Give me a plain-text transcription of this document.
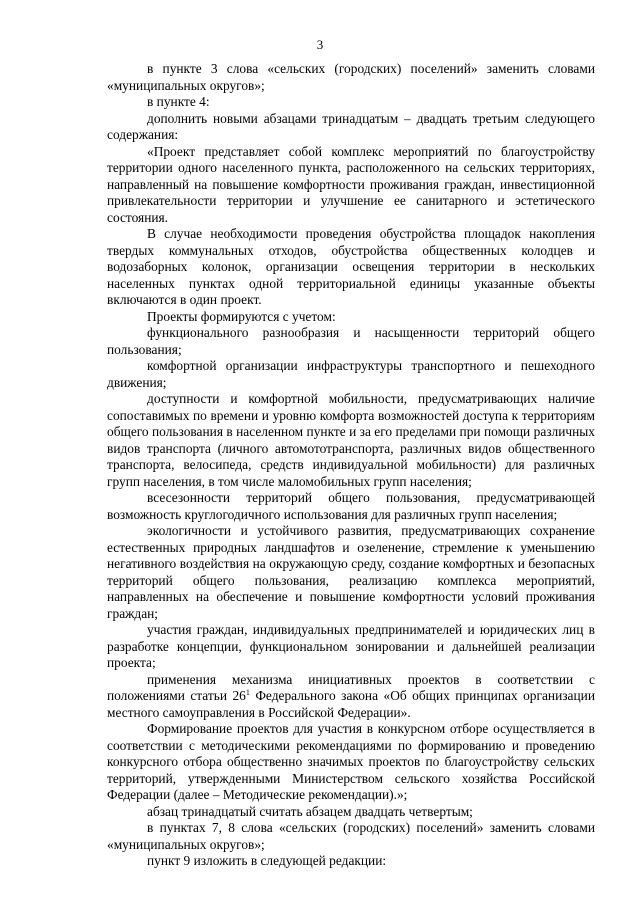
3

в пункте 3 слова «сельских (городских) поселений» заменить словами «муниципальных округов»;

в пункте 4:

дополнить новыми абзацами тринадцатым – двадцать третьим следующего содержания:

«Проект представляет собой комплекс мероприятий по благоустройству территории одного населенного пункта, расположенного на сельских территориях, направленный на повышение комфортности проживания граждан, инвестиционной привлекательности территории и улучшение ее санитарного и эстетического состояния.

В случае необходимости проведения обустройства площадок накопления твердых коммунальных отходов, обустройства общественных колодцев и водозаборных колонок, организации освещения территории в нескольких населенных пунктах одной территориальной единицы указанные объекты включаются в один проект.

Проекты формируются с учетом:

функционального разнообразия и насыщенности территорий общего пользования;

комфортной организации инфраструктуры транспортного и пешеходного движения;

доступности и комфортной мобильности, предусматривающих наличие сопоставимых по времени и уровню комфорта возможностей доступа к территориям общего пользования в населенном пункте и за его пределами при помощи различных видов транспорта (личного автомототранспорта, различных видов общественного транспорта, велосипеда, средств индивидуальной мобильности) для различных групп населения, в том числе маломобильных групп населения;

всесезонности территорий общего пользования, предусматривающей возможность круглогодичного использования для различных групп населения;

экологичности и устойчивого развития, предусматривающих сохранение естественных природных ландшафтов и озеленение, стремление к уменьшению негативного воздействия на окружающую среду, создание комфортных и безопасных территорий общего пользования, реализацию комплекса мероприятий, направленных на обеспечение и повышение комфортности условий проживания граждан;

участия граждан, индивидуальных предпринимателей и юридических лиц в разработке концепции, функциональном зонировании и дальнейшей реализации проекта;

применения механизма инициативных проектов в соответствии с положениями статьи $26^1$ Федерального закона «Об общих принципах организации местного самоуправления в Российской Федерации».

Формирование проектов для участия в конкурсном отборе осуществляется в соответствии с методическими рекомендациями по формированию и проведению конкурсного отбора общественно значимых проектов по благоустройству сельских территорий, утвержденными Министерством сельского хозяйства Российской Федерации (далее – Методические рекомендации).»;

абзац тринадцатый считать абзацем двадцать четвертым;

в пунктах 7, 8 слова «сельских (городских) поселений» заменить словами «муниципальных округов»;

пункт 9 изложить в следующей редакции:
